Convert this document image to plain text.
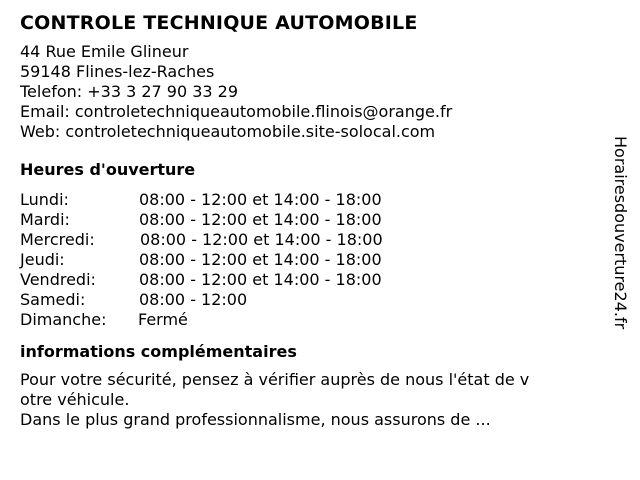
CONTROLE TECHNIQUE AUTOMOBILE
44 Rue Emile Glineur
59148 Flines-lez-Raches
Telefon: +33 3 27 90 33 29
Email: controletechniqueautomobile.flinois@orange.fr
Web: controletechniqueautomobile.site-solocal.com
Heures d'ouverture
Lundi:	08:00 - 12:00 et 14:00 - 18:00
Mardi:	08:00 - 12:00 et 14:00 - 18:00
Mercredi:	08:00 - 12:00 et 14:00 - 18:00
Jeudi:	08:00 - 12:00 et 14:00 - 18:00
Vendredi:	08:00 - 12:00 et 14:00 - 18:00
Samedi:	08:00 - 12:00
Dimanche: Fermé
informations complémentaires
Pour votre sécurité, pensez à vérifier auprès de nous l'état de v
otre véhicule.
Dans le plus grand professionnalisme, nous assurons de ...
Horairesdouverture24.fr
